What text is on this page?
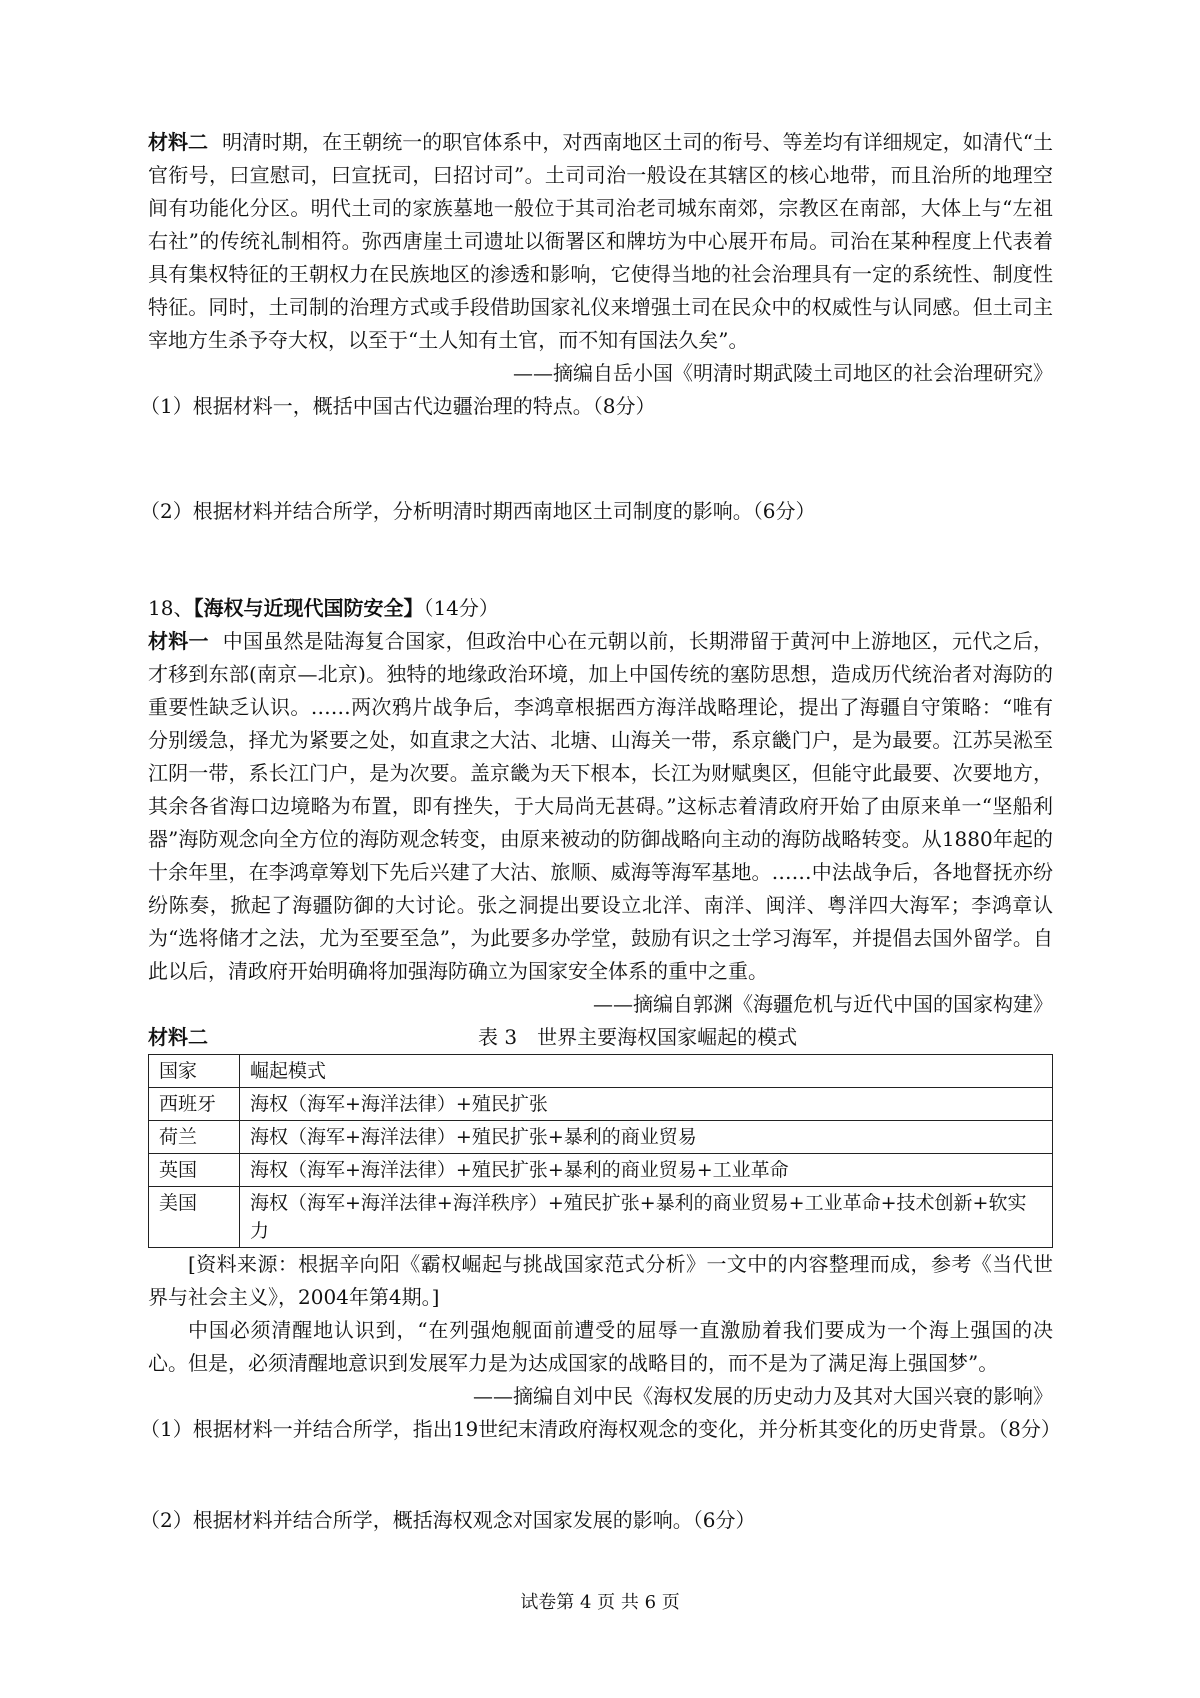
材料二 明清时期，在王朝统一的职官体系中，对西南地区土司的衔号、等差均有详细规定，如清代“土官衔号，曰宣慰司，曰宣抚司，曰招讨司”。土司司治一般设在其辖区的核心地带，而且治所的地理空间有功能化分区。明代土司的家族墓地一般位于其司治老司城东南郊，宗教区在南部，大体上与“左祖右社”的传统礼制相符。弥西唐崖土司遗址以衙署区和牌坊为中心展开布局。司治在某种程度上代表着具有集权特征的王朝权力在民族地区的渗透和影响，它使得当地的社会治理具有一定的系统性、制度性特征。同时，土司制的治理方式或手段借助国家礼仪来增强土司在民众中的权威性与认同感。但土司主宰地方生杀予夺大权，以至于“土人知有土官，而不知有国法久矣”。

——摘编自岳小国《明清时期武陵土司地区的社会治理研究》

（1）根据材料一，概括中国古代边疆治理的特点。（8分）

（2）根据材料并结合所学，分析明清时期西南地区土司制度的影响。（6分）

18、【海权与近现代国防安全】（14分）

材料一 中国虽然是陆海复合国家，但政治中心在元朝以前，长期滞留于黄河中上游地区，元代之后，才移到东部(南京—北京)。独特的地缘政治环境，加上中国传统的塞防思想，造成历代统治者对海防的重要性缺乏认识。……两次鸦片战争后，李鸿章根据西方海洋战略理论，提出了海疆自守策略：“唯有分别缓急，择尤为紧要之处，如直隶之大沽、北塘、山海关一带，系京畿门户，是为最要。江苏吴淞至江阴一带，系长江门户，是为次要。盖京畿为天下根本，长江为财赋奥区，但能守此最要、次要地方，其余各省海口边境略为布置，即有挫失，于大局尚无甚碍。”这标志着清政府开始了由原来单一“坚船利器”海防观念向全方位的海防观念转变，由原来被动的防御战略向主动的海防战略转变。从1880年起的十余年里，在李鸿章筹划下先后兴建了大沽、旅顺、威海等海军基地。……中法战争后，各地督抚亦纷纷陈奏，掀起了海疆防御的大讨论。张之洞提出要设立北洋、南洋、闽洋、粤洋四大海军；李鸿章认为“选将储才之法，尤为至要至急”，为此要多办学堂，鼓励有识之士学习海军，并提倡去国外留学。自此以后，清政府开始明确将加强海防确立为国家安全体系的重中之重。

——摘编自郭渊《海疆危机与近代中国的国家构建》

材料二	表 3　世界主要海权国家崛起的模式
国家	崛起模式
西班牙	海权（海军+海洋法律）+殖民扩张
荷兰	海权（海军+海洋法律）+殖民扩张+暴利的商业贸易
英国	海权（海军+海洋法律）+殖民扩张+暴利的商业贸易+工业革命
美国	海权（海军+海洋法律+海洋秩序）+殖民扩张+暴利的商业贸易+工业革命+技术创新+软实力

[资料来源：根据辛向阳《霸权崛起与挑战国家范式分析》一文中的内容整理而成，参考《当代世界与社会主义》，2004年第4期。]

中国必须清醒地认识到，“在列强炮舰面前遭受的屈辱一直激励着我们要成为一个海上强国的决心。但是，必须清醒地意识到发展军力是为达成国家的战略目的，而不是为了满足海上强国梦”。

——摘编自刘中民《海权发展的历史动力及其对大国兴衰的影响》

（1）根据材料一并结合所学，指出19世纪末清政府海权观念的变化，并分析其变化的历史背景。（8分）

（2）根据材料并结合所学，概括海权观念对国家发展的影响。（6分）

试卷第 4 页 共 6 页
